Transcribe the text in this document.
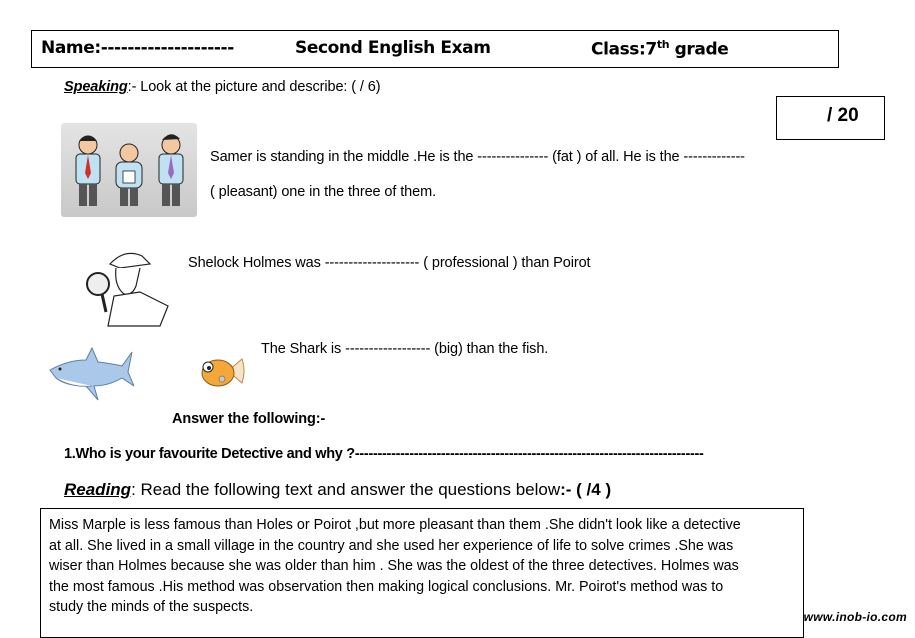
Name:--------------------	Second English Exam	Class:7th grade
Speaking:- Look at the picture and describe: ( / 6)
/ 20
Samer is standing in the middle .He is the --------------- (fat ) of all. He is the -------------
( pleasant) one in the three of them.
Shelock Holmes was -------------------- ( professional ) than Poirot
The Shark is ------------------ (big) than the fish.
Answer the following:-
1.Who is your favourite Detective and why ?-----------------------------------------------------------------------------
Reading: Read the following text and answer the questions below:- ( /4 )

Miss Marple is less famous than Holes or Poirot ,but more pleasant than them .She didn't look like a detective

at all. She lived in a small village in the country and she used her experience of life to solve crimes .She was

wiser than Holmes because she was older than him . She was the oldest of the three detectives. Holmes was

the most famous .His method was observation then making logical conclusions. Mr. Poirot's method was to

study the minds of the suspects.

www.inob-io.com
